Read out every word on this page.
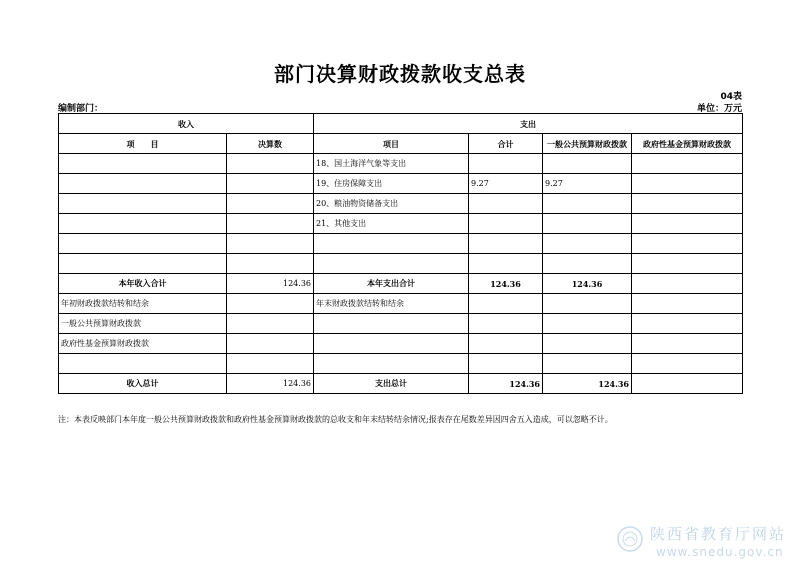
部门决算财政拨款收支总表
04表
编制部门：	单位：万元
收入		支出			
项　　目	决算数	项目	合计	一般公共预算财政拨款	政府性基金预算财政拨款
		18、国土海洋气象等支出			
		19、住房保障支出	9.27	9.27	
		20、粮油物资储备支出			
		21、其他支出			

本年收入合计	124.36	本年支出合计	124.36	124.36	
年初财政拨款结转和结余		年末财政拨款结转和结余			
一般公共预算财政拨款					
政府性基金预算财政拨款					

收入总计	124.36	支出总计	124.36	124.36	
注：本表反映部门本年度一般公共预算财政拨款和政府性基金预算财政拨款的总收支和年末结转结余情况;报表存在尾数差异因四舍五入造成，可以忽略不计。
陕西省教育厅网站
www.snedu.gov.cn
